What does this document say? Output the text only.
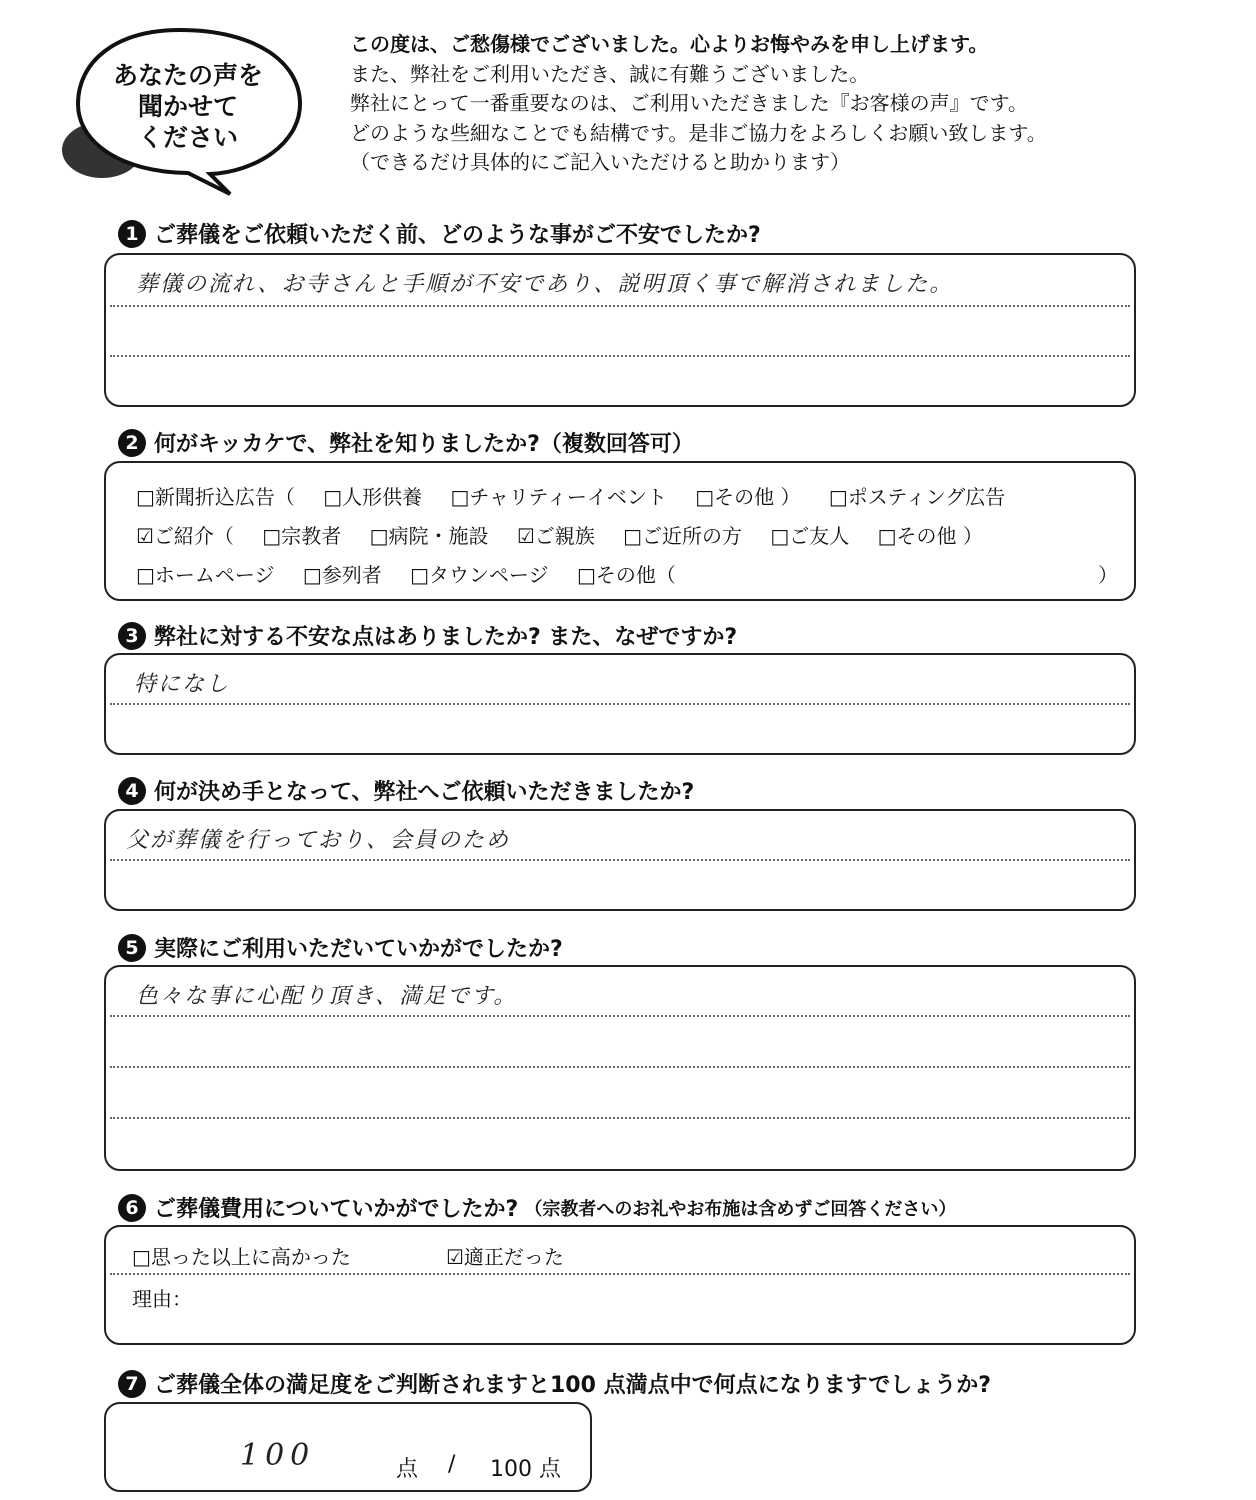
あなたの声を
聞かせて
ください
この度は、ご愁傷様でございました。心よりお悔やみを申し上げます。
また、弊社をご利用いただき、誠に有難うございました。
弊社にとって一番重要なのは、ご利用いただきました『お客様の声』です。
どのような些細なことでも結構です。是非ご協力をよろしくお願い致します。
（できるだけ具体的にご記入いただけると助かります）
1 ご葬儀をご依頼いただく前、どのような事がご不安でしたか?
葬儀の流れ、お寺さんと手順が不安であり、説明頂く事で解消されました。
2 何がキッカケで、弊社を知りましたか?（複数回答可）
□新聞折込広告（ □人形供養 □チャリティーイベント □その他 ） □ポスティング広告
☑ご紹介（ □宗教者 □病院・施設 ☑ご親族 □ご近所の方 □ご友人 □その他 ）
□ホームページ □参列者 □タウンページ □その他（	）
3 弊社に対する不安な点はありましたか? また、なぜですか?
特になし
4 何が決め手となって、弊社へご依頼いただきましたか?
父が葬儀を行っており、会員のため
5 実際にご利用いただいていかがでしたか?
色々な事に心配り頂き、満足です。
6 ご葬儀費用についていかがでしたか? （宗教者へのお礼やお布施は含めずご回答ください）
□思った以上に高かった	☑適正だった
理由：
7 ご葬儀全体の満足度をご判断されますと100 点満点中で何点になりますでしょうか?
100	点 / 100 点
